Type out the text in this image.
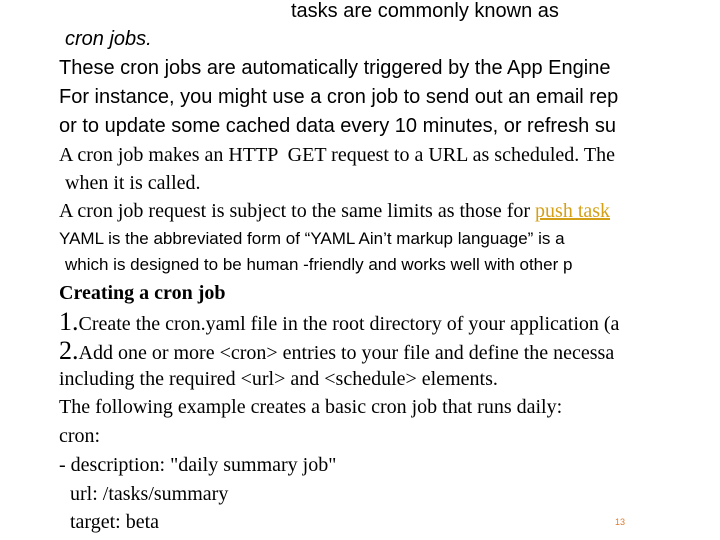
tasks are commonly known as
cron jobs.
These cron jobs are automatically triggered by the App Engine
For instance, you might use a cron job to send out an email rep
or to update some cached data every 10 minutes, or refresh su
A cron job makes an HTTP  GET request to a URL as scheduled. The
when it is called.
A cron job request is subject to the same limits as those for push task
YAML is the abbreviated form of “YAML Ain’t markup language” is a
which is designed to be human -friendly and works well with other p
Creating a cron job
1.Create the cron.yaml file in the root directory of your application (a
2.Add one or more <cron> entries to your file and define the necessa
including the required <url> and <schedule> elements.
The following example creates a basic cron job that runs daily:
cron:
- description: "daily summary job"
url: /tasks/summary
target: beta	13
